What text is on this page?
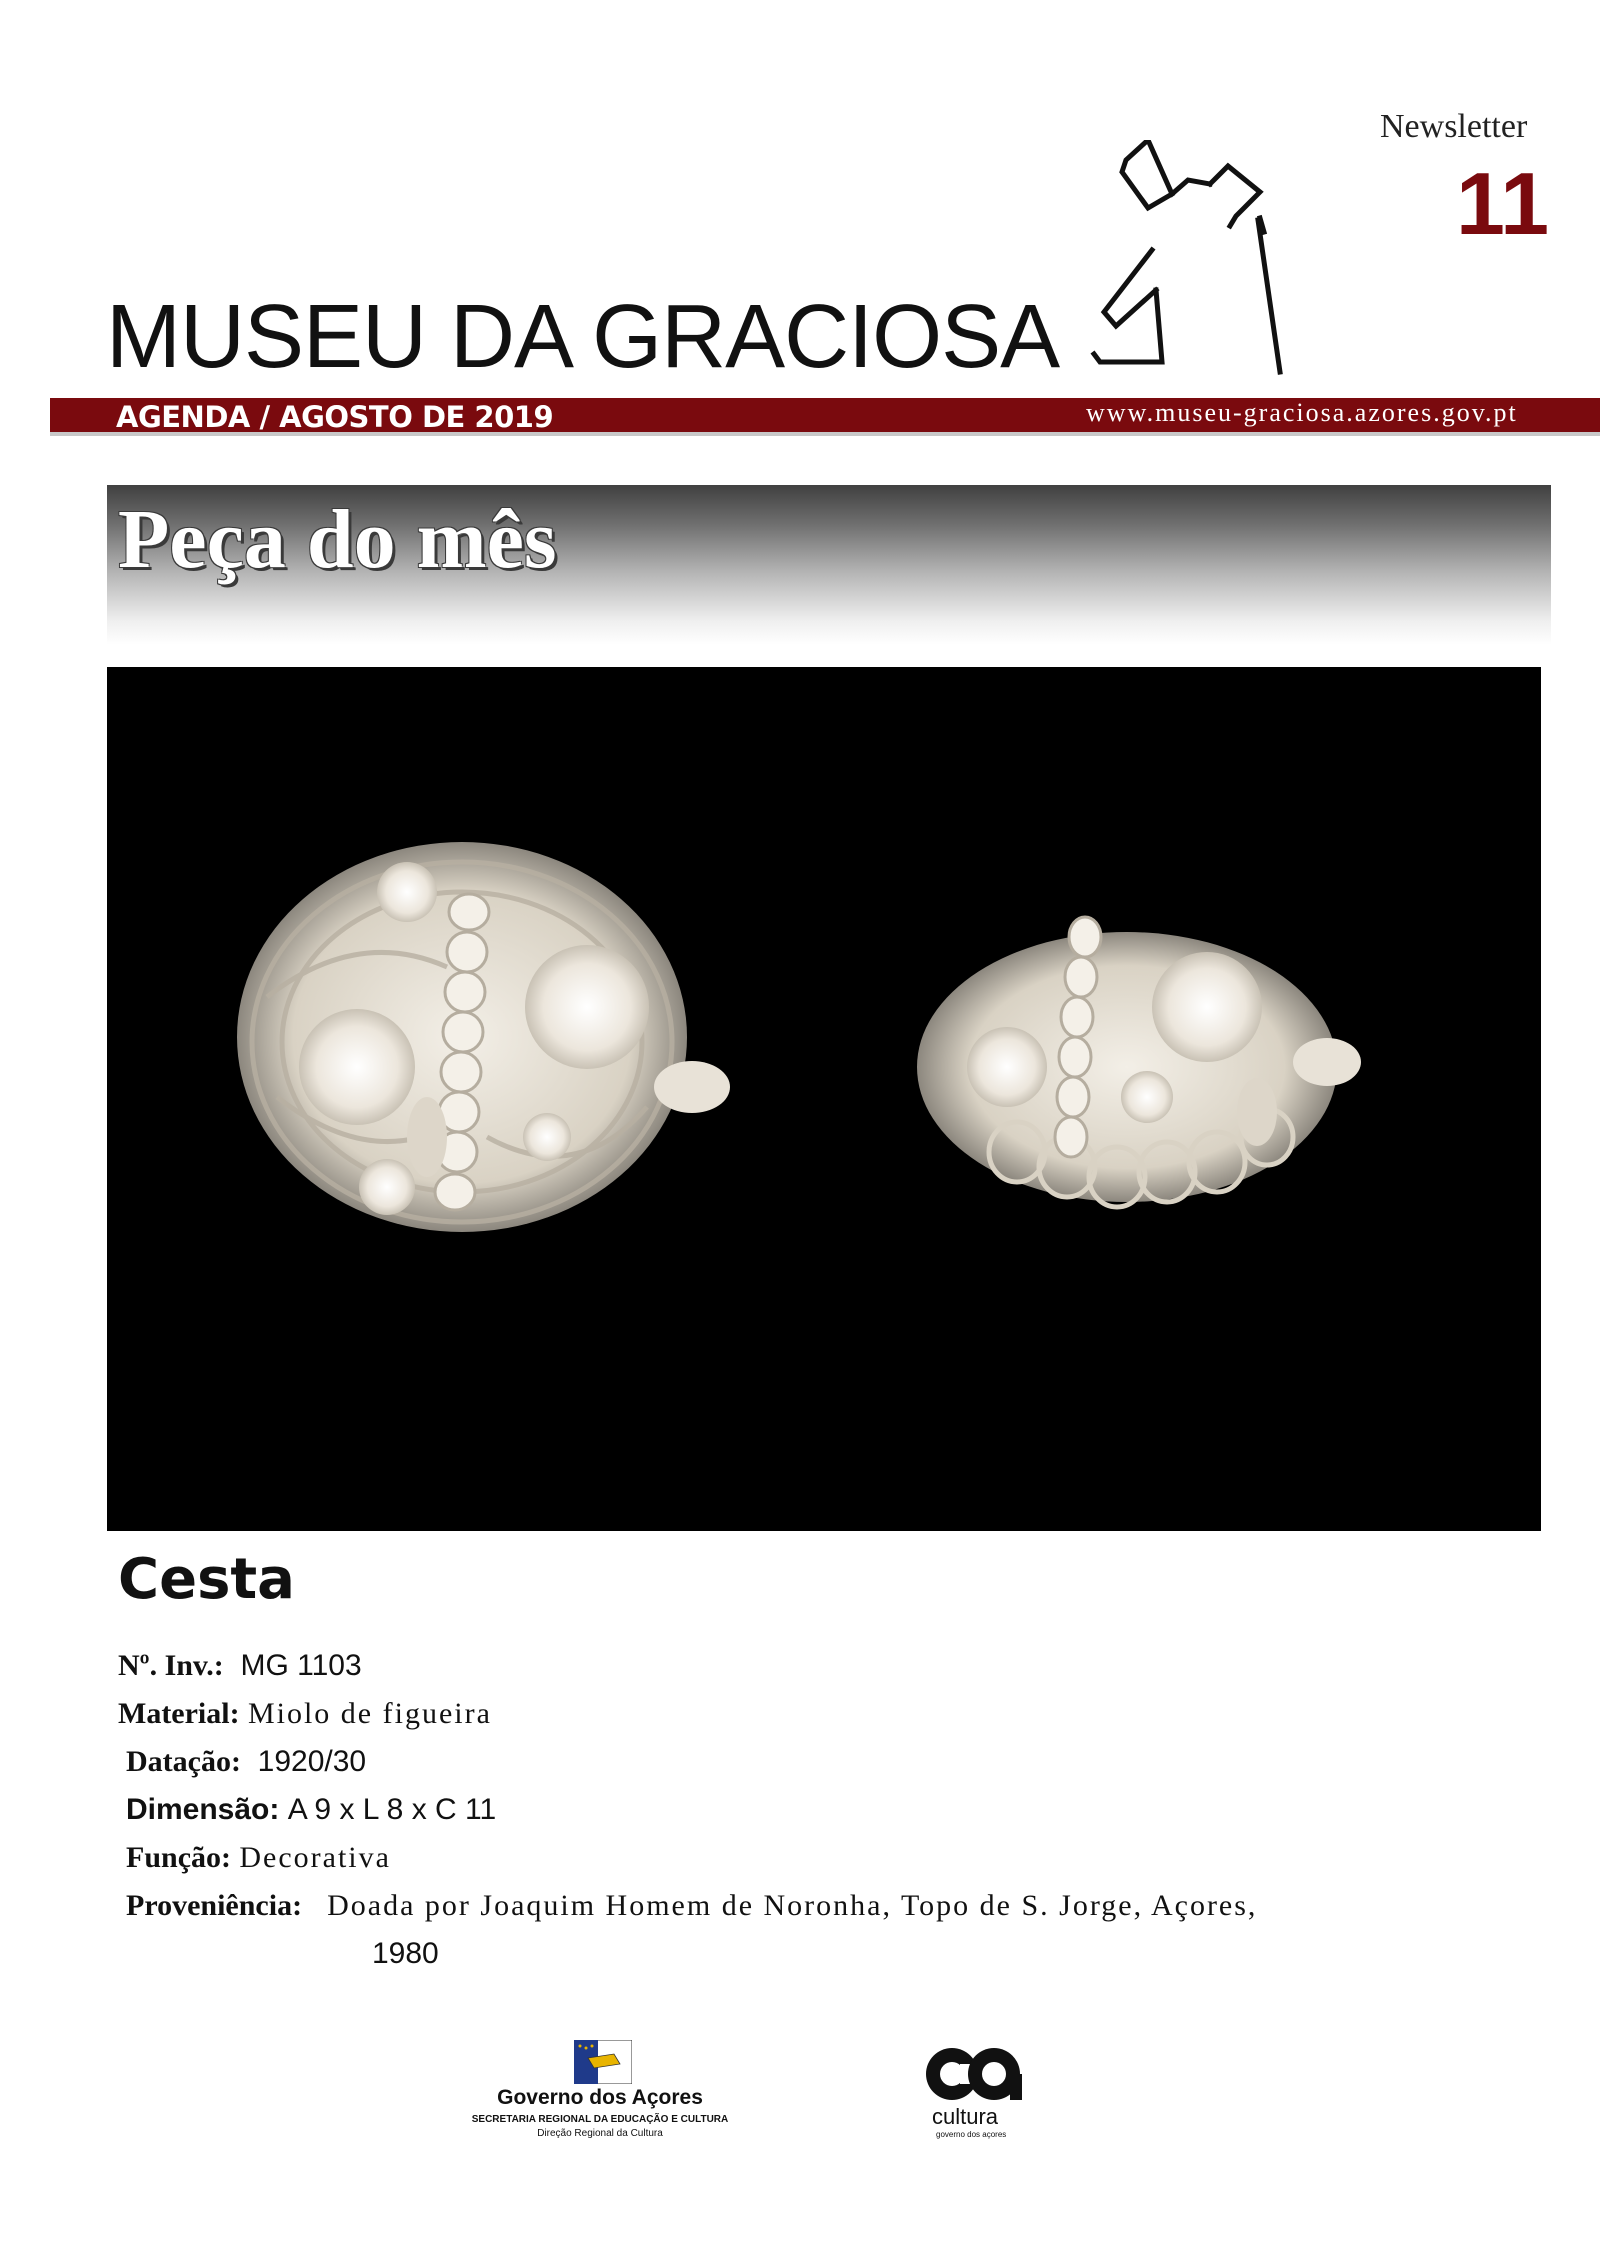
Newsletter
11
MUSEU DA GRACIOSA
AGENDA / AGOSTO DE 2019	www.museu-graciosa.azores.gov.pt
Peça do mês
Cesta
Nº. Inv.: MG 1103
Material: Miolo de figueira
Datação: 1920/30
Dimensão: A 9 x L 8 x C 11
Função: Decorativa
Proveniência: Doada por Joaquim Homem de Noronha, Topo de S. Jorge, Açores,
1980
Governo dos Açores
SECRETARIA REGIONAL DA EDUCAÇÃO E CULTURA
Direção Regional da Cultura
cultura
governo dos açores
